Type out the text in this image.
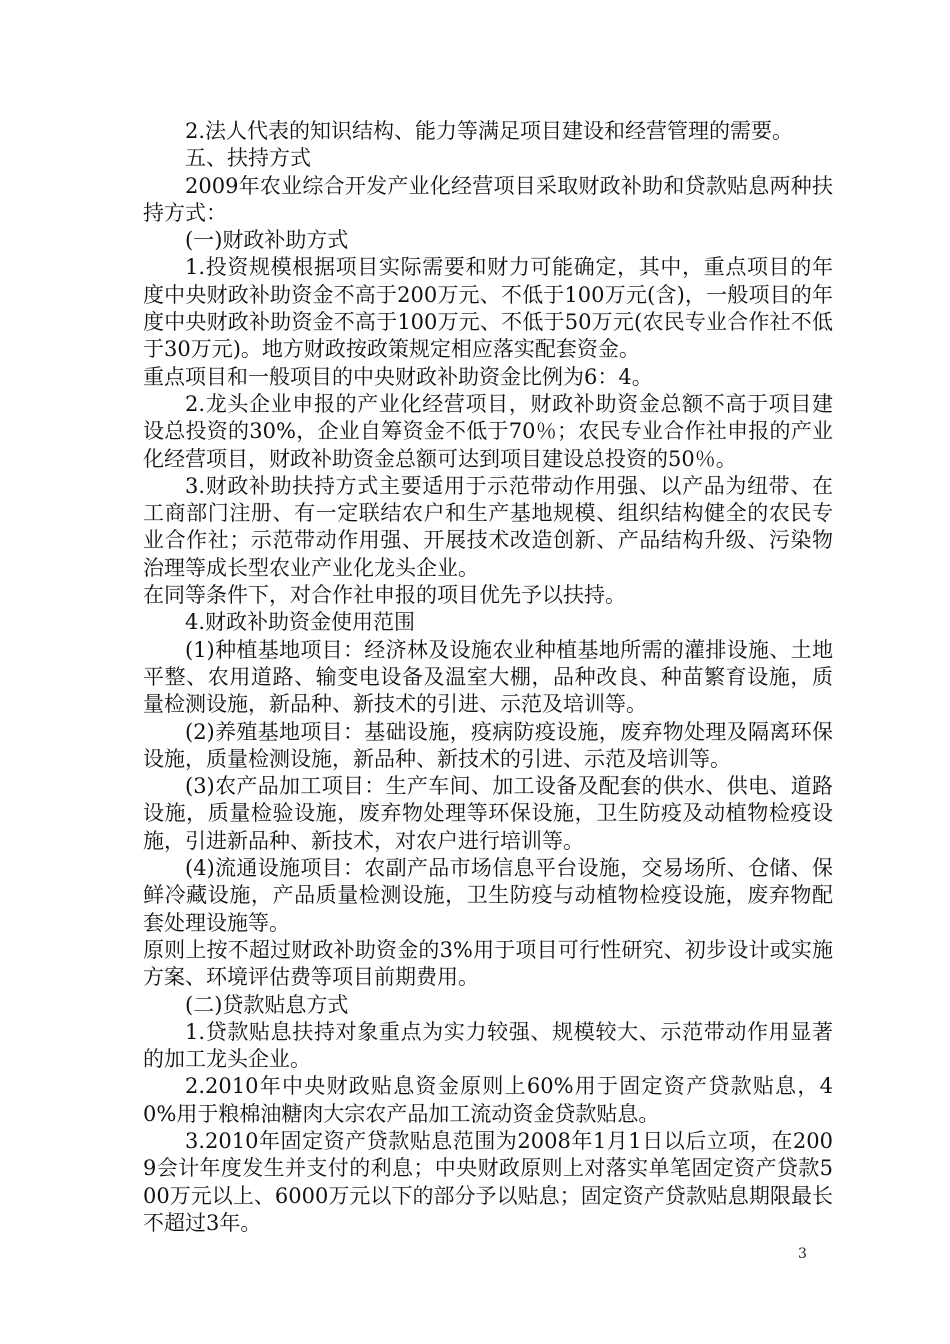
2.法人代表的知识结构、能力等满足项目建设和经营管理的需要。

五、扶持方式

2009年农业综合开发产业化经营项目采取财政补助和贷款贴息两种扶持方式：

(一)财政补助方式

1.投资规模根据项目实际需要和财力可能确定，其中，重点项目的年度中央财政补助资金不高于200万元、不低于100万元(含)，一般项目的年度中央财政补助资金不高于100万元、不低于50万元(农民专业合作社不低于30万元)。地方财政按政策规定相应落实配套资金。

重点项目和一般项目的中央财政补助资金比例为6：4。

2.龙头企业申报的产业化经营项目，财政补助资金总额不高于项目建设总投资的30%，企业自筹资金不低于70％；农民专业合作社申报的产业化经营项目，财政补助资金总额可达到项目建设总投资的50％。

3.财政补助扶持方式主要适用于示范带动作用强、以产品为纽带、在工商部门注册、有一定联结农户和生产基地规模、组织结构健全的农民专业合作社；示范带动作用强、开展技术改造创新、产品结构升级、污染物治理等成长型农业产业化龙头企业。

在同等条件下，对合作社申报的项目优先予以扶持。

4.财政补助资金使用范围

(1)种植基地项目：经济林及设施农业种植基地所需的灌排设施、土地平整、农用道路、输变电设备及温室大棚，品种改良、种苗繁育设施，质量检测设施，新品种、新技术的引进、示范及培训等。

(2)养殖基地项目：基础设施，疫病防疫设施，废弃物处理及隔离环保设施，质量检测设施，新品种、新技术的引进、示范及培训等。

(3)农产品加工项目：生产车间、加工设备及配套的供水、供电、道路设施，质量检验设施，废弃物处理等环保设施，卫生防疫及动植物检疫设施，引进新品种、新技术，对农户进行培训等。

(4)流通设施项目：农副产品市场信息平台设施，交易场所、仓储、保鲜冷藏设施，产品质量检测设施，卫生防疫与动植物检疫设施，废弃物配套处理设施等。

原则上按不超过财政补助资金的3%用于项目可行性研究、初步设计或实施方案、环境评估费等项目前期费用。

(二)贷款贴息方式

1.贷款贴息扶持对象重点为实力较强、规模较大、示范带动作用显著的加工龙头企业。

2.2010年中央财政贴息资金原则上60%用于固定资产贷款贴息，40%用于粮棉油糖肉大宗农产品加工流动资金贷款贴息。

3.2010年固定资产贷款贴息范围为2008年1月1日以后立项，在2009会计年度发生并支付的利息；中央财政原则上对落实单笔固定资产贷款500万元以上、6000万元以下的部分予以贴息；固定资产贷款贴息期限最长不超过3年。

3
